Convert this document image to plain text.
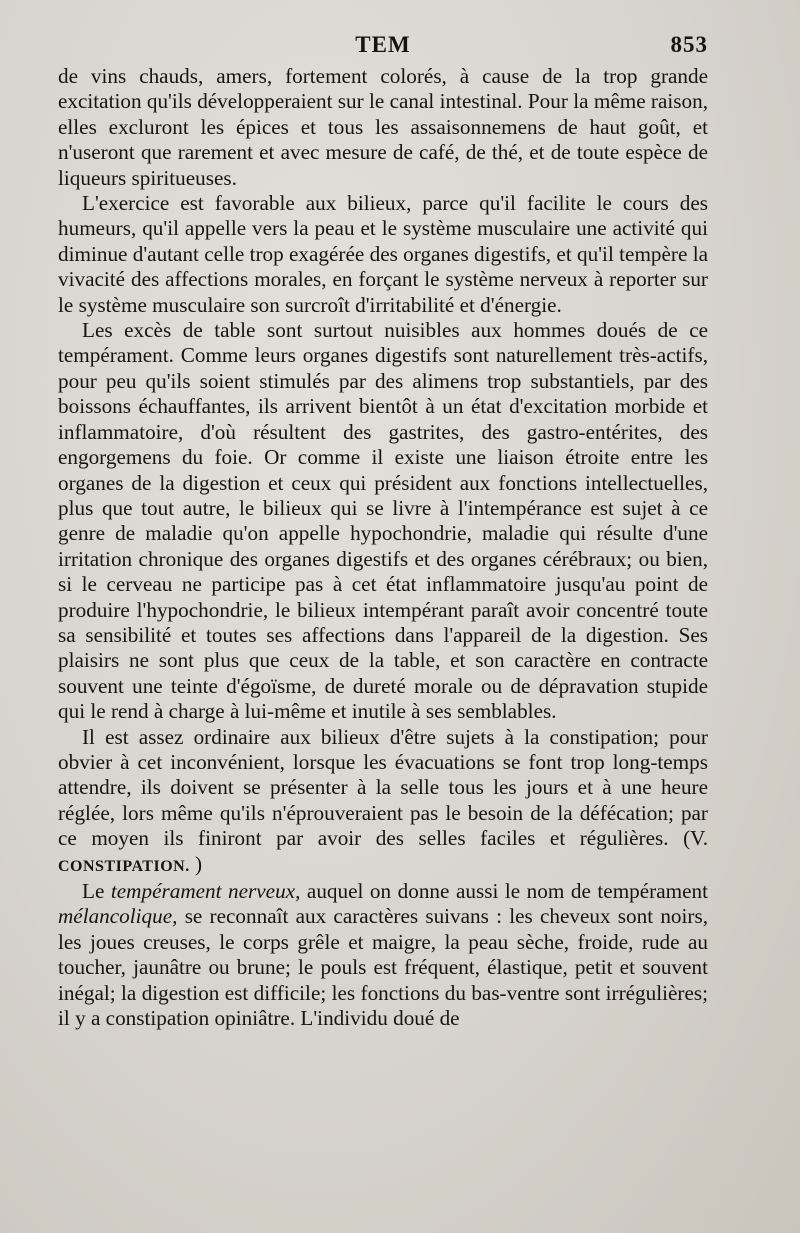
TEM	853

de vins chauds, amers, fortement colorés, à cause de la trop grande excitation qu'ils développeraient sur le canal intestinal. Pour la même raison, elles excluront les épices et tous les assaisonnemens de haut goût, et n'useront que rarement et avec mesure de café, de thé, et de toute espèce de liqueurs spiritueuses.

L'exercice est favorable aux bilieux, parce qu'il facilite le cours des humeurs, qu'il appelle vers la peau et le système musculaire une activité qui diminue d'autant celle trop exagérée des organes digestifs, et qu'il tempère la vivacité des affections morales, en forçant le système nerveux à reporter sur le système musculaire son surcroît d'irritabilité et d'énergie.

Les excès de table sont surtout nuisibles aux hommes doués de ce tempérament. Comme leurs organes digestifs sont naturellement très-actifs, pour peu qu'ils soient stimulés par des alimens trop substantiels, par des boissons échauffantes, ils arrivent bientôt à un état d'excitation morbide et inflammatoire, d'où résultent des gastrites, des gastro-entérites, des engorgemens du foie. Or comme il existe une liaison étroite entre les organes de la digestion et ceux qui président aux fonctions intellectuelles, plus que tout autre, le bilieux qui se livre à l'intempérance est sujet à ce genre de maladie qu'on appelle hypochondrie, maladie qui résulte d'une irritation chronique des organes digestifs et des organes cérébraux; ou bien, si le cerveau ne participe pas à cet état inflammatoire jusqu'au point de produire l'hypochondrie, le bilieux intempérant paraît avoir concentré toute sa sensibilité et toutes ses affections dans l'appareil de la digestion. Ses plaisirs ne sont plus que ceux de la table, et son caractère en contracte souvent une teinte d'égoïsme, de dureté morale ou de dépravation stupide qui le rend à charge à lui-même et inutile à ses semblables.

Il est assez ordinaire aux bilieux d'être sujets à la constipation; pour obvier à cet inconvénient, lorsque les évacuations se font trop long-temps attendre, ils doivent se présenter à la selle tous les jours et à une heure réglée, lors même qu'ils n'éprouveraient pas le besoin de la défécation; par ce moyen ils finiront par avoir des selles faciles et régulières. (V. CONSTIPATION. )

Le tempérament nerveux, auquel on donne aussi le nom de tempérament mélancolique, se reconnaît aux caractères suivans : les cheveux sont noirs, les joues creuses, le corps grêle et maigre, la peau sèche, froide, rude au toucher, jaunâtre ou brune; le pouls est fréquent, élastique, petit et souvent inégal; la digestion est difficile; les fonctions du bas-ventre sont irrégulières; il y a constipation opiniâtre. L'individu doué de
